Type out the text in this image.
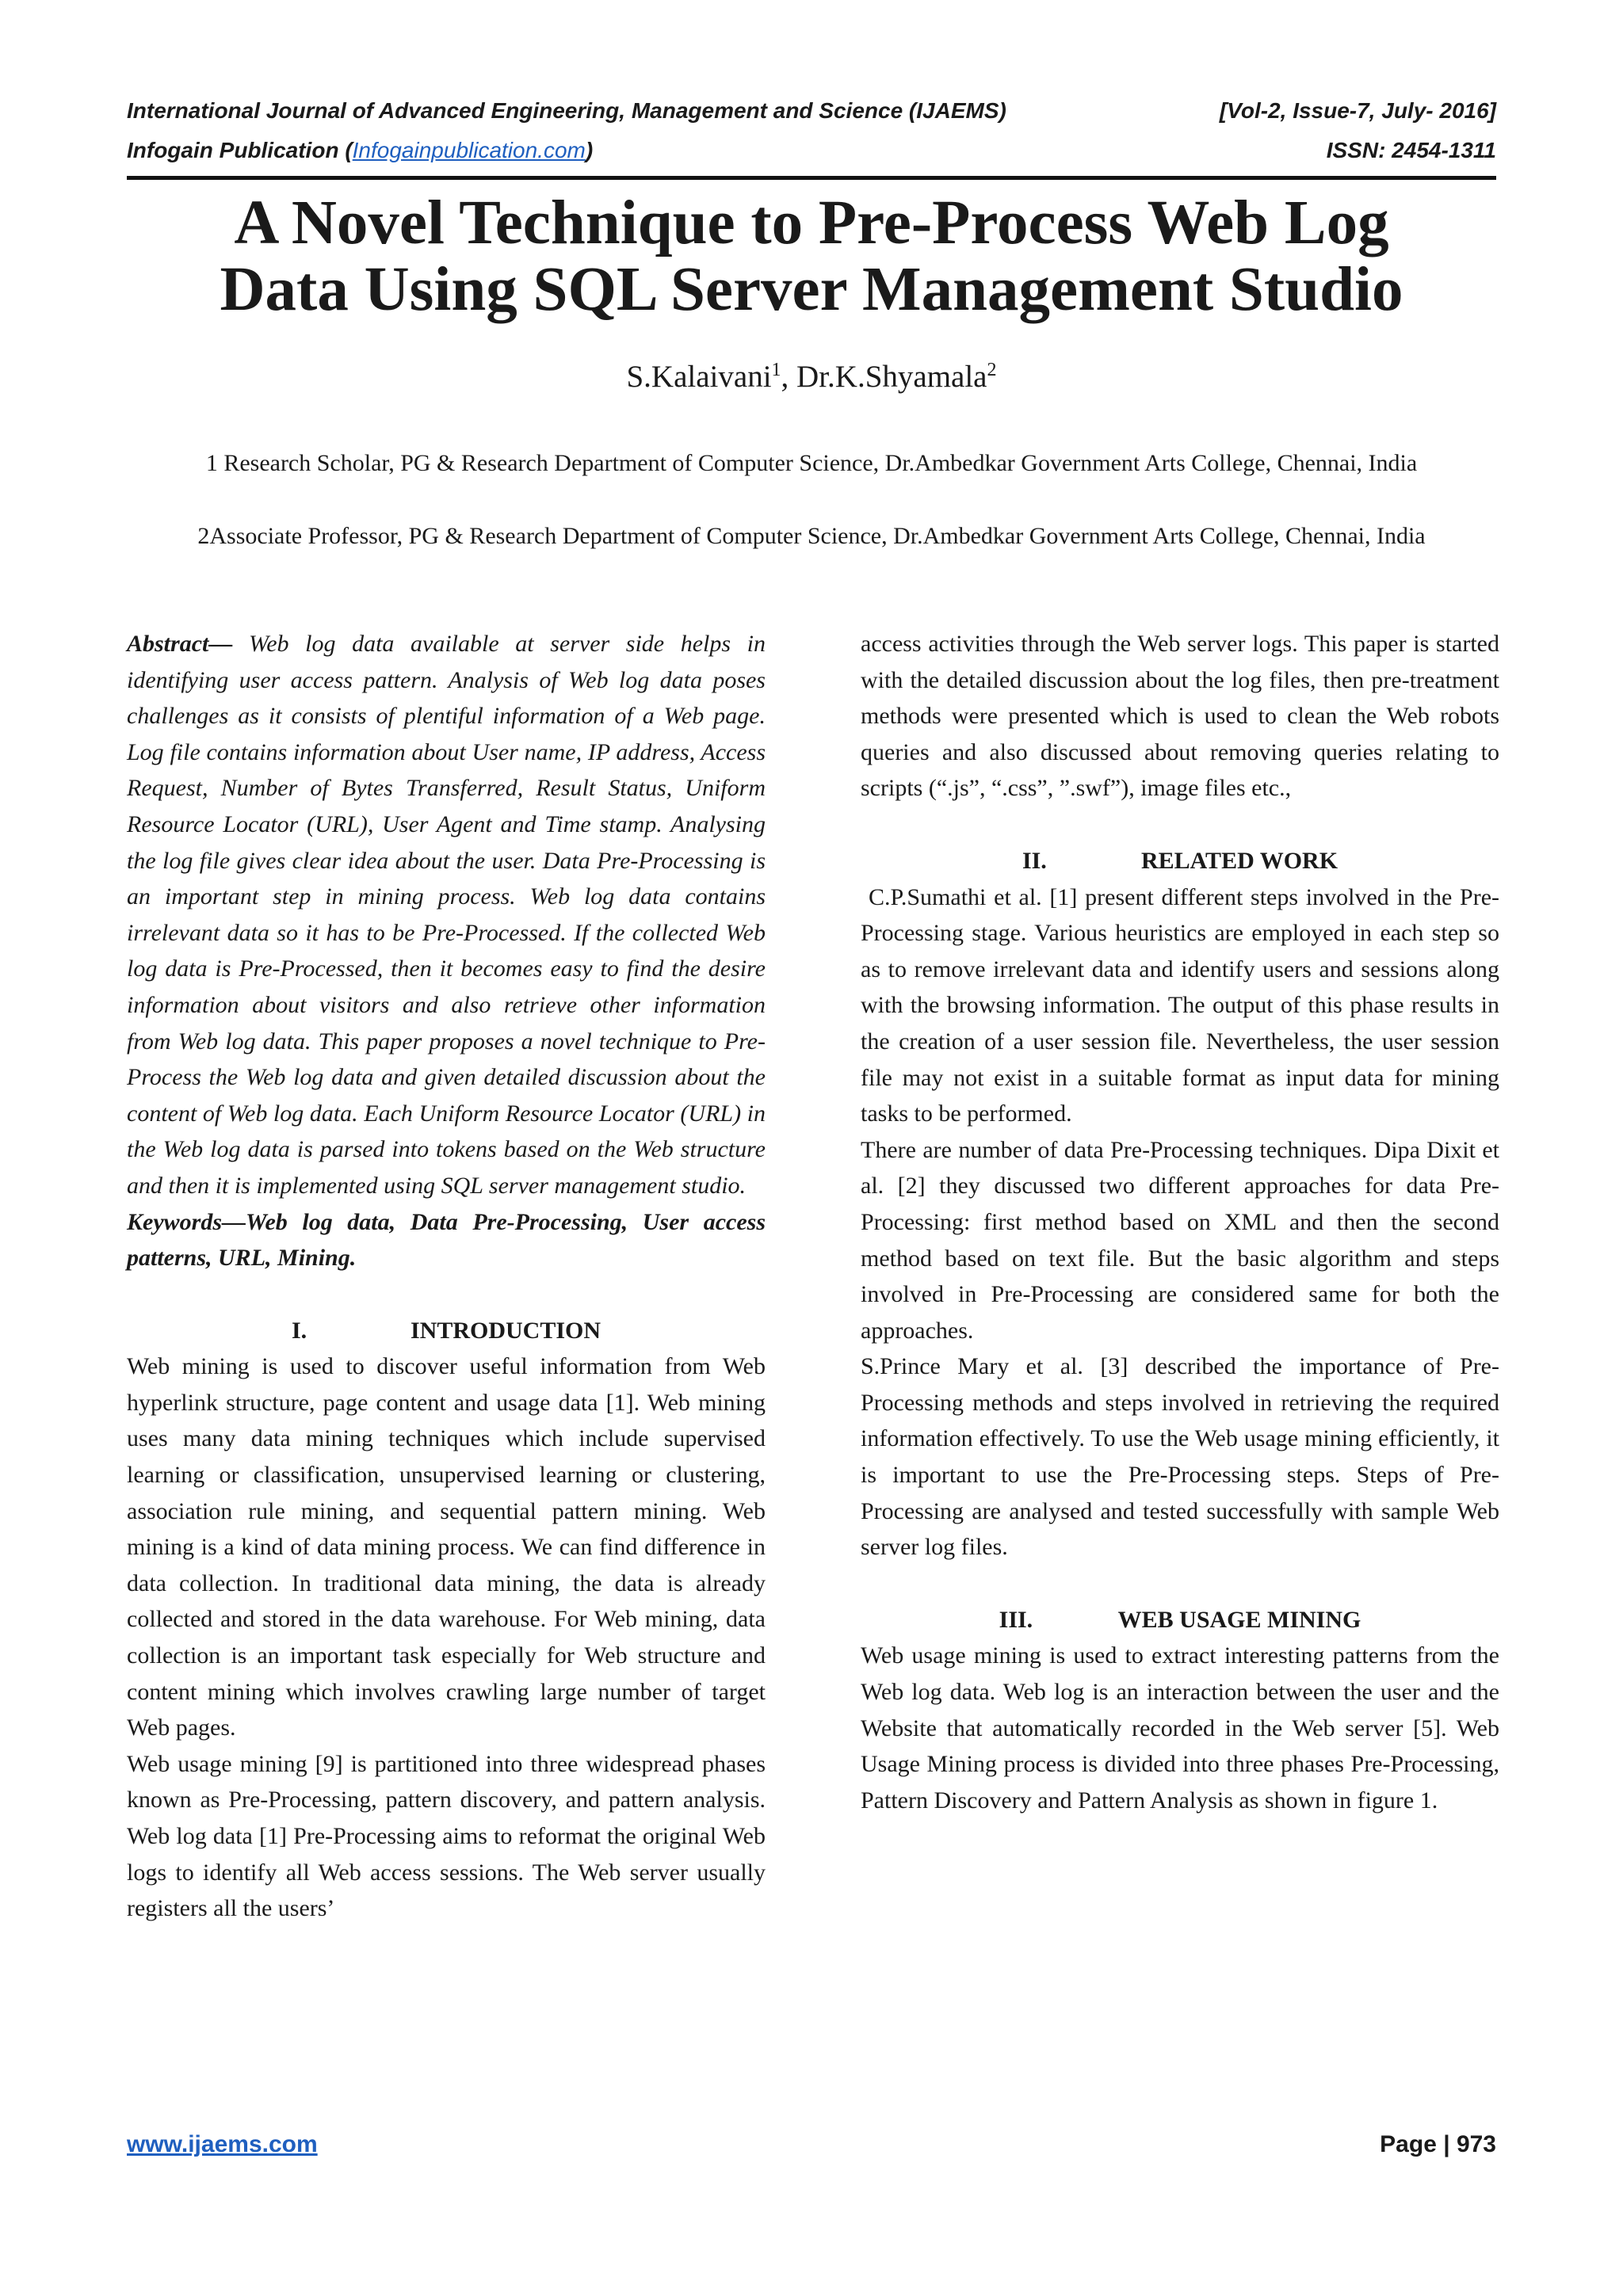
International Journal of Advanced Engineering, Management and Science (IJAEMS)	[Vol-2, Issue-7, July- 2016]
Infogain Publication (Infogainpublication.com)	ISSN: 2454-1311
A Novel Technique to Pre-Process Web Log
Data Using SQL Server Management Studio
S.Kalaivani$^1$, Dr.K.Shyamala$^2$
1 Research Scholar, PG & Research Department of Computer Science, Dr.Ambedkar Government Arts College, Chennai, India
2Associate Professor, PG & Research Department of Computer Science, Dr.Ambedkar Government Arts College, Chennai, India

Abstract— Web log data available at server side helps in identifying user access pattern. Analysis of Web log data poses challenges as it consists of plentiful information of a Web page. Log file contains information about User name, IP address, Access Request, Number of Bytes Transferred, Result Status, Uniform Resource Locator (URL), User Agent and Time stamp. Analysing the log file gives clear idea about the user. Data Pre-Processing is an important step in mining process. Web log data contains irrelevant data so it has to be Pre-Processed. If the collected Web log data is Pre-Processed, then it becomes easy to find the desire information about visitors and also retrieve other information from Web log data. This paper proposes a novel technique to Pre-Process the Web log data and given detailed discussion about the content of Web log data. Each Uniform Resource Locator (URL) in the Web log data is parsed into tokens based on the Web structure and then it is implemented using SQL server management studio.

Keywords—Web log data, Data Pre-Processing, User access patterns, URL, Mining.

I.	INTRODUCTION

Web mining is used to discover useful information from Web hyperlink structure, page content and usage data [1]. Web mining uses many data mining techniques which include supervised learning or classification, unsupervised learning or clustering, association rule mining, and sequential pattern mining. Web mining is a kind of data mining process. We can find difference in data collection. In traditional data mining, the data is already collected and stored in the data warehouse. For Web mining, data collection is an important task especially for Web structure and content mining which involves crawling large number of target Web pages.

Web usage mining [9] is partitioned into three widespread phases known as Pre-Processing, pattern discovery, and pattern analysis. Web log data [1] Pre-Processing aims to reformat the original Web logs to identify all Web access sessions. The Web server usually registers all the users’

access activities through the Web server logs. This paper is started with the detailed discussion about the log files, then pre-treatment methods were presented which is used to clean the Web robots queries and also discussed about removing queries relating to scripts (“.js”, “.css”, ”.swf”), image files etc.,

II.	RELATED WORK

C.P.Sumathi et al. [1] present different steps involved in the Pre-Processing stage. Various heuristics are employed in each step so as to remove irrelevant data and identify users and sessions along with the browsing information. The output of this phase results in the creation of a user session file. Nevertheless, the user session file may not exist in a suitable format as input data for mining tasks to be performed.

There are number of data Pre-Processing techniques. Dipa Dixit et al. [2] they discussed two different approaches for data Pre-Processing: first method based on XML and then the second method based on text file. But the basic algorithm and steps involved in Pre-Processing are considered same for both the approaches.

S.Prince Mary et al. [3] described the importance of Pre-Processing methods and steps involved in retrieving the required information effectively. To use the Web usage mining efficiently, it is important to use the Pre-Processing steps. Steps of Pre-Processing are analysed and tested successfully with sample Web server log files.

III.	WEB USAGE MINING

Web usage mining is used to extract interesting patterns from the Web log data. Web log is an interaction between the user and the Website that automatically recorded in the Web server [5]. Web Usage Mining process is divided into three phases Pre-Processing, Pattern Discovery and Pattern Analysis as shown in figure 1.

www.ijaems.com	Page | 973
